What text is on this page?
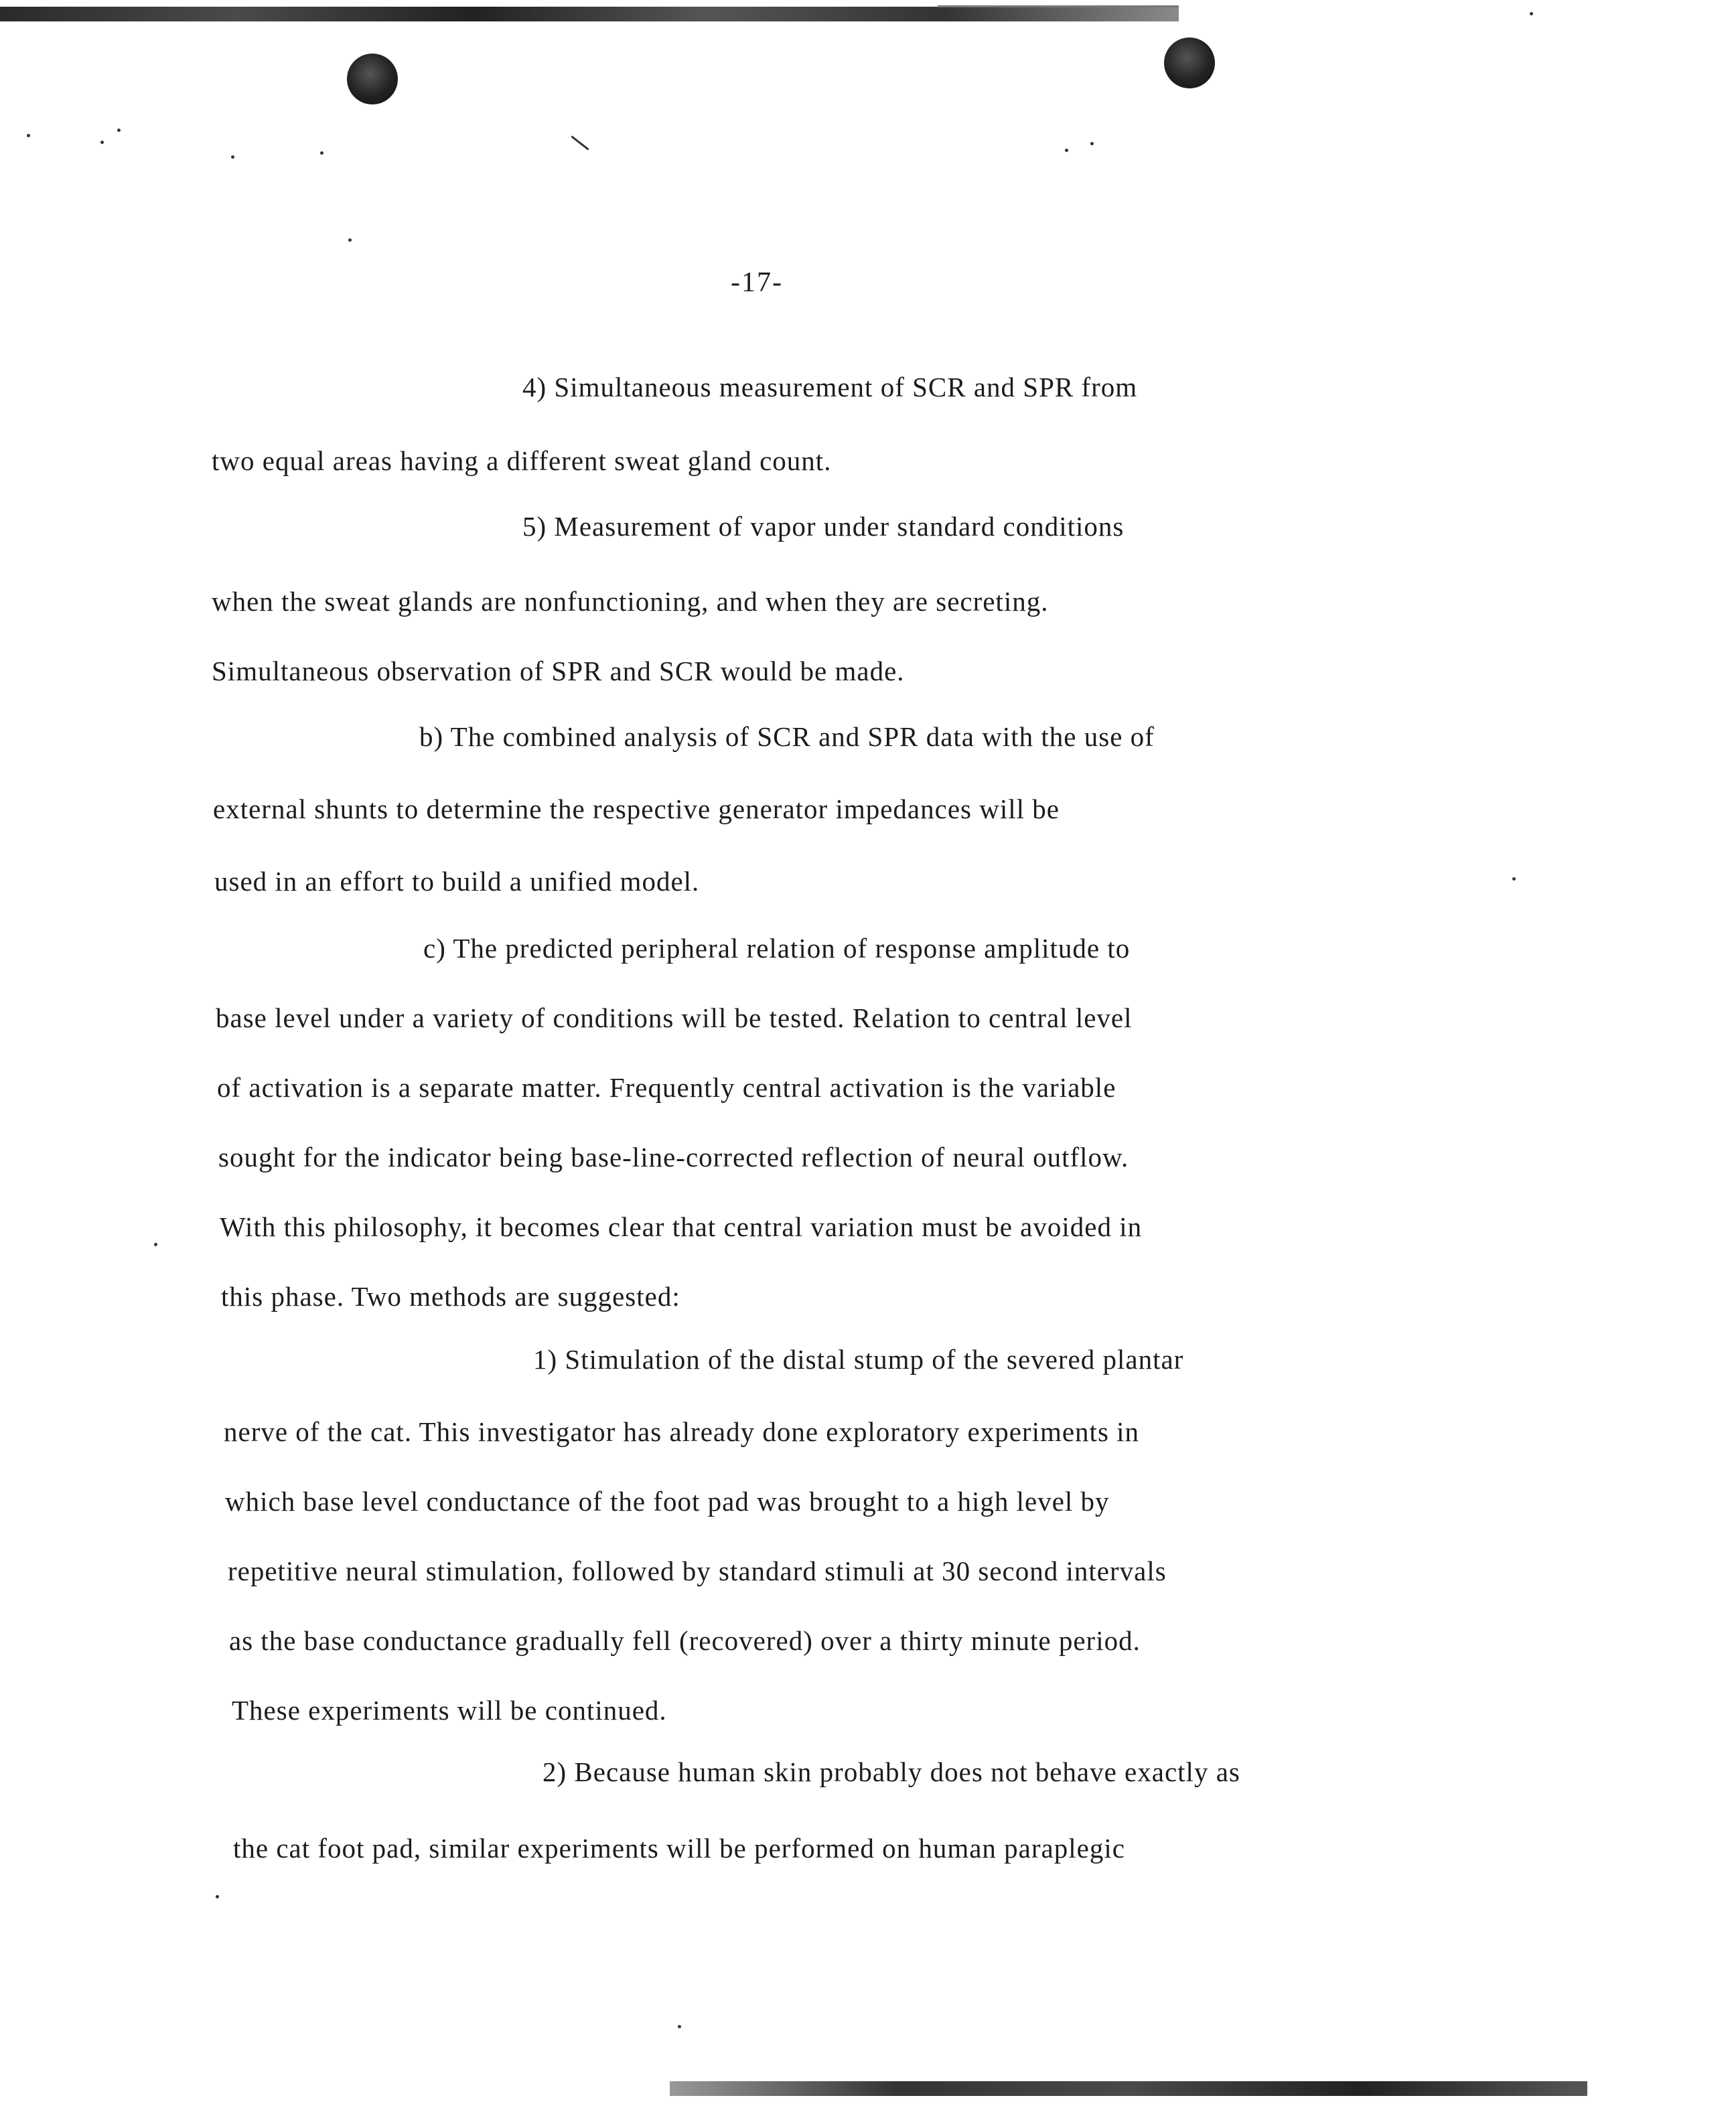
-17-
4) Simultaneous measurement of SCR and SPR from
two equal areas having a different sweat gland count.
5) Measurement of vapor under standard conditions
when the sweat glands are nonfunctioning, and when they are secreting.
Simultaneous observation of SPR and SCR would be made.
b) The combined analysis of SCR and SPR data with the use of
external shunts to determine the respective generator impedances will be
used in an effort to build a unified model.
c) The predicted peripheral relation of response amplitude to
base level under a variety of conditions will be tested. Relation to central level
of activation is a separate matter. Frequently central activation is the variable
sought for the indicator being base-line-corrected reflection of neural outflow.
With this philosophy, it becomes clear that central variation must be avoided in
this phase. Two methods are suggested:
1) Stimulation of the distal stump of the severed plantar
nerve of the cat. This investigator has already done exploratory experiments in
which base level conductance of the foot pad was brought to a high level by
repetitive neural stimulation, followed by standard stimuli at 30 second intervals
as the base conductance gradually fell (recovered) over a thirty minute period.
These experiments will be continued.
2) Because human skin probably does not behave exactly as
the cat foot pad, similar experiments will be performed on human paraplegic
